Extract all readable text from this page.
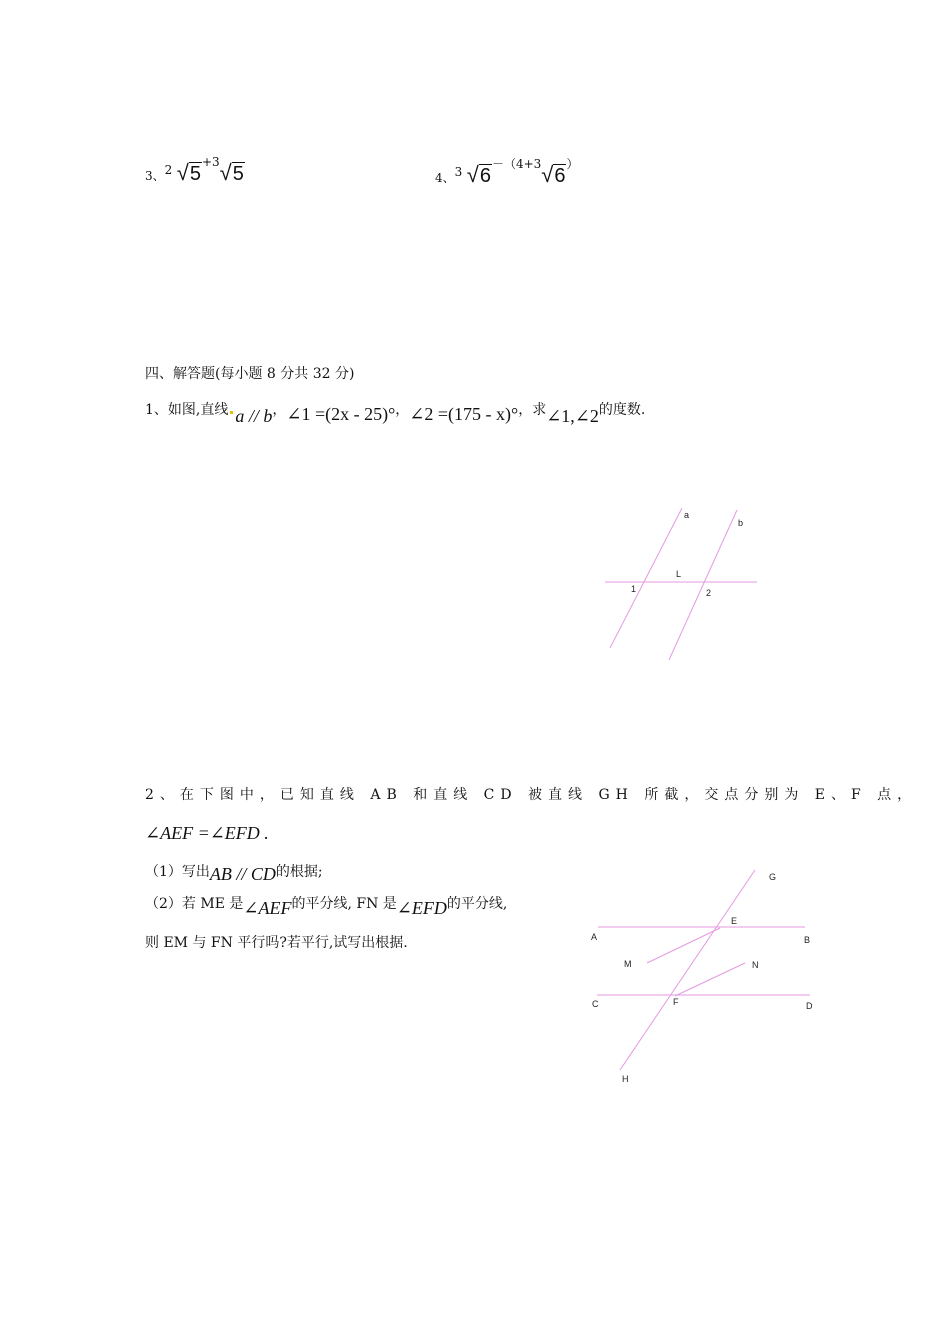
3、2 √5+3√5	4、3 √6－（4+3√6）
四、解答题(每小题 8 分共 32 分)
1、如图,直线 a // b，∠1 =(2x - 25)°，∠2 =(175 - x)°，求∠1,∠2的度数.
a
b
L
1	2
2、在下图中，已知直线 AB 和直线 CD 被直线 GH 所截，交点分别为 E、F 点，
∠AEF =∠EFD .
（1）写出AB // CD的根据;
（2）若 ME 是∠AEF的平分线, FN 是∠EFD的平分线,
则 EM 与 FN 平行吗?若平行,试写出根据.
G
E
A	B
M	N
C	F	D
H
